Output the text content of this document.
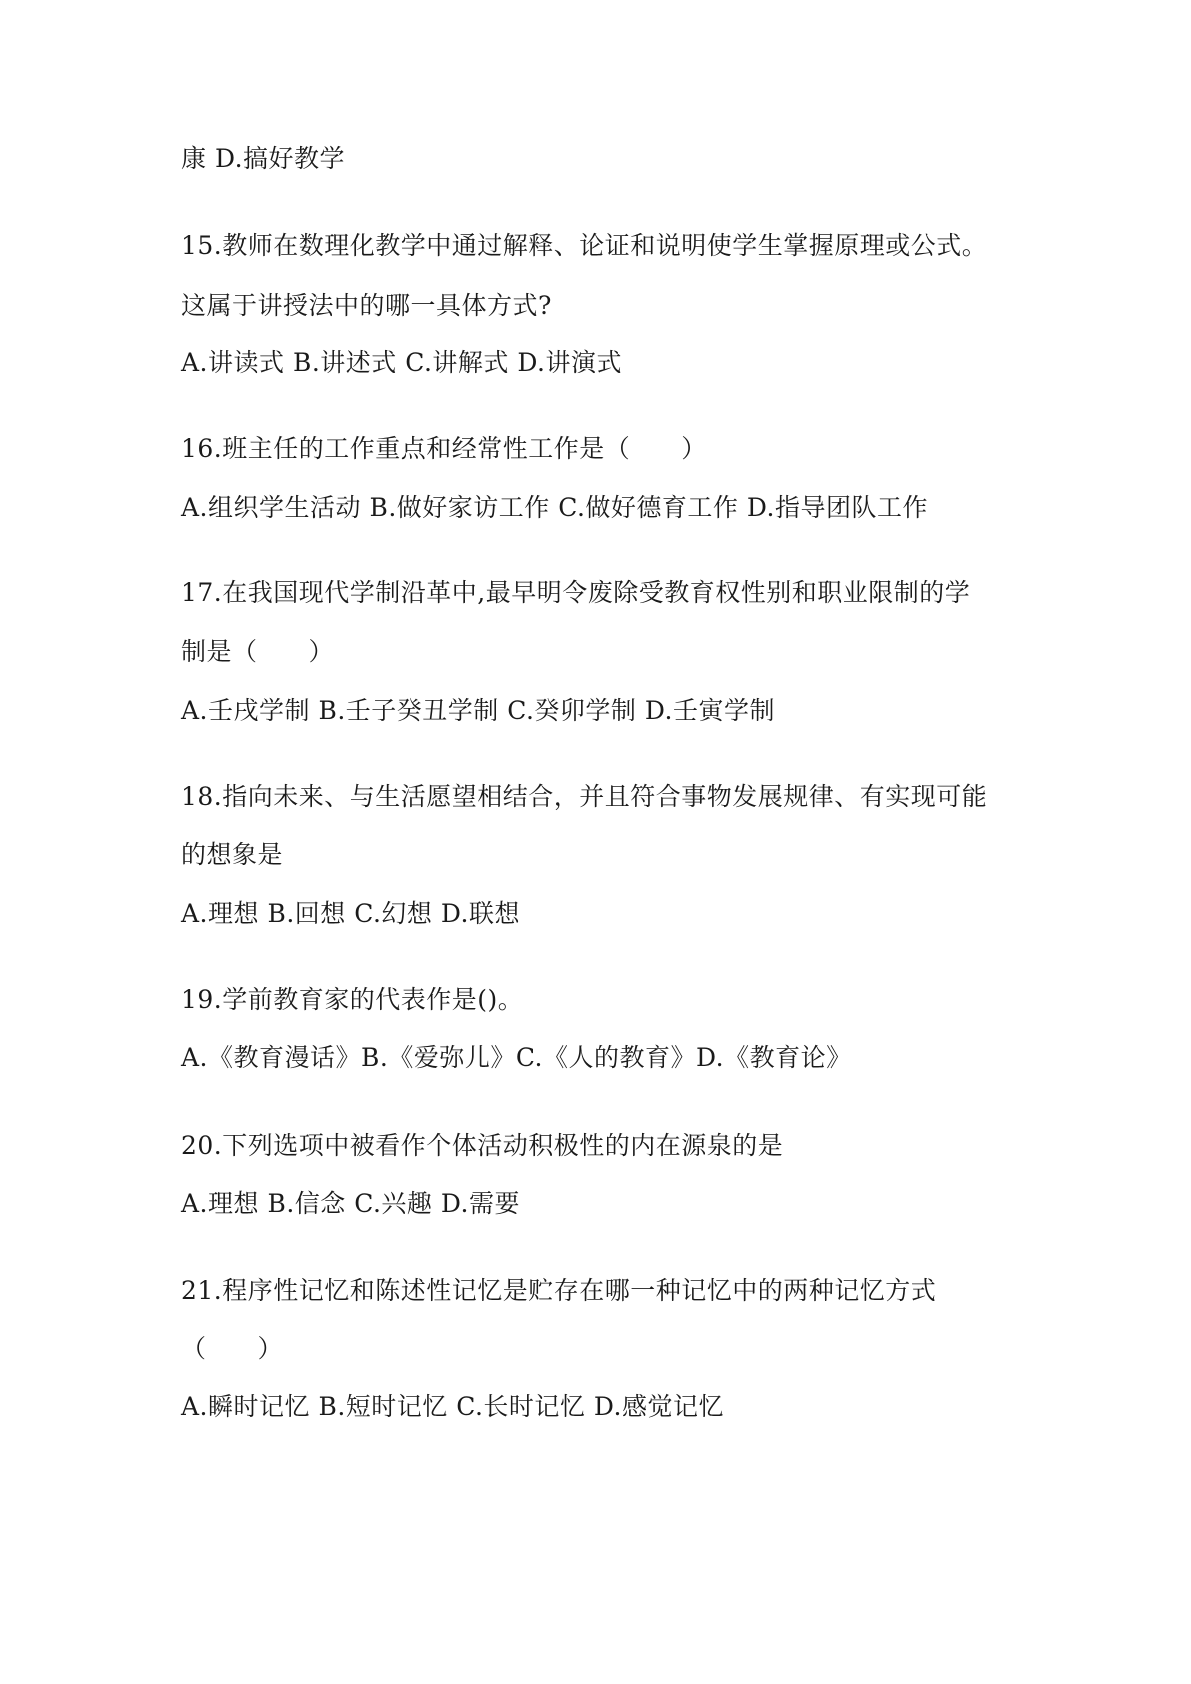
康 D.搞好教学
15.教师在数理化教学中通过解释、论证和说明使学生掌握原理或公式。
这属于讲授法中的哪一具体方式?
A.讲读式 B.讲述式 C.讲解式 D.讲演式
16.班主任的工作重点和经常性工作是（　　）
A.组织学生活动 B.做好家访工作 C.做好德育工作 D.指导团队工作
17.在我国现代学制沿革中,最早明令废除受教育权性别和职业限制的学
制是（　　）
A.壬戌学制 B.壬子癸丑学制 C.癸卯学制 D.壬寅学制
18.指向未来、与生活愿望相结合，并且符合事物发展规律、有实现可能
的想象是
A.理想 B.回想 C.幻想 D.联想
19.学前教育家的代表作是()。
A.《教育漫话》B.《爱弥儿》C.《人的教育》D.《教育论》
20.下列选项中被看作个体活动积极性的内在源泉的是
A.理想 B.信念 C.兴趣 D.需要
21.程序性记忆和陈述性记忆是贮存在哪一种记忆中的两种记忆方式
（　　）
A.瞬时记忆 B.短时记忆 C.长时记忆 D.感觉记忆
